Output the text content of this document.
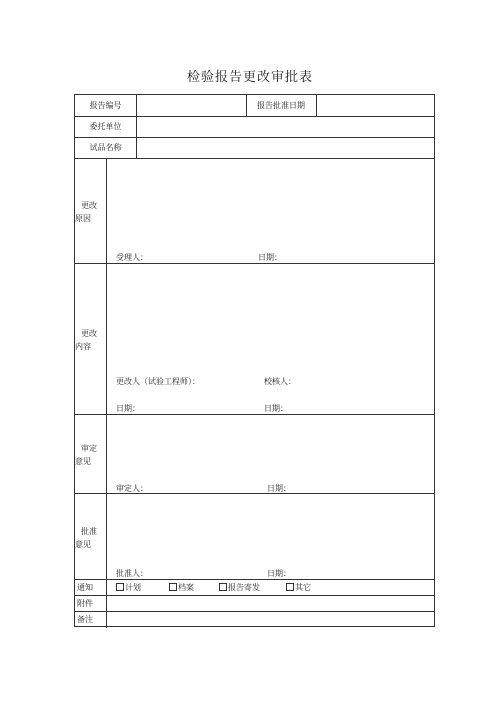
检验报告更改审批表
报告编号	报告批准日期
委托单位
试品名称
更改
原因
受理人：	日期：
更改
内容
更改人（试验工程师）：	校核人：
日期：	日期：
审定
意见
审定人：	日期：
批准
意见
批准人：	日期：
通知	计划	档案	报告寄发	其它
附件
备注
